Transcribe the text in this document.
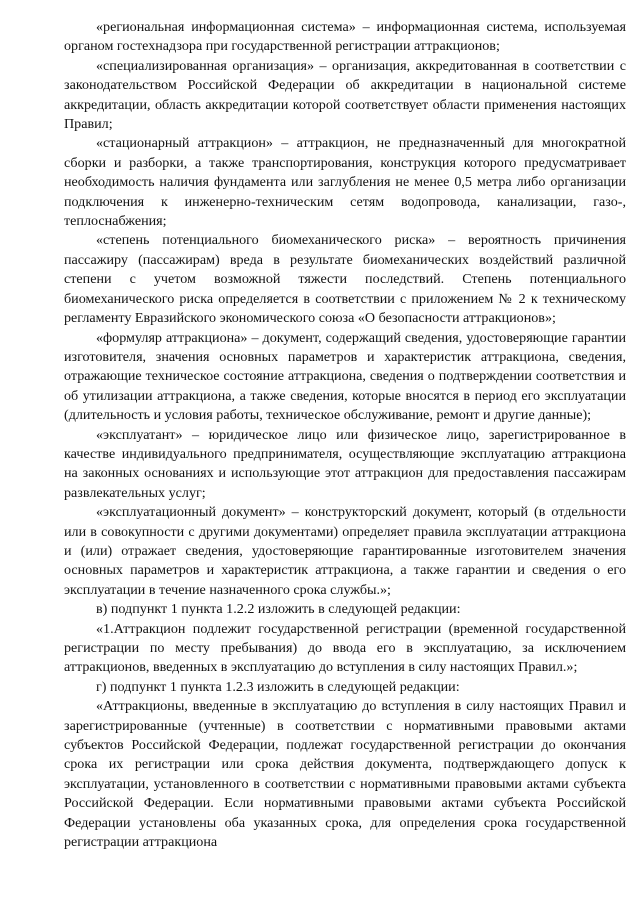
«региональная информационная система» – информационная система, используемая органом гостехнадзора при государственной регистрации аттракционов;

«специализированная организация» – организация, аккредитованная в соответствии с законодательством Российской Федерации об аккредитации в национальной системе аккредитации, область аккредитации которой соответствует области применения настоящих Правил;

«стационарный аттракцион» – аттракцион, не предназначенный для многократной сборки и разборки, а также транспортирования, конструкция которого предусматривает необходимость наличия фундамента или заглубления не менее 0,5 метра либо организации подключения к инженерно-техническим сетям водопровода, канализации, газо-, теплоснабжения;

«степень потенциального биомеханического риска» – вероятность причинения пассажиру (пассажирам) вреда в результате биомеханических воздействий различной степени с учетом возможной тяжести последствий. Степень потенциального биомеханического риска определяется в соответствии с приложением № 2 к техническому регламенту Евразийского экономического союза «О безопасности аттракционов»;

«формуляр аттракциона» – документ, содержащий сведения, удостоверяющие гарантии изготовителя, значения основных параметров и характеристик аттракциона, сведения, отражающие техническое состояние аттракциона, сведения о подтверждении соответствия и об утилизации аттракциона, а также сведения, которые вносятся в период его эксплуатации (длительность и условия работы, техническое обслуживание, ремонт и другие данные);

«эксплуатант» – юридическое лицо или физическое лицо, зарегистрированное в качестве индивидуального предпринимателя, осуществляющие эксплуатацию аттракциона на законных основаниях и использующие этот аттракцион для предоставления пассажирам развлекательных услуг;

«эксплуатационный документ» – конструкторский документ, который (в отдельности или в совокупности с другими документами) определяет правила эксплуатации аттракциона и (или) отражает сведения, удостоверяющие гарантированные изготовителем значения основных параметров и характеристик аттракциона, а также гарантии и сведения о его эксплуатации в течение назначенного срока службы.»;

в) подпункт 1 пункта 1.2.2 изложить в следующей редакции:

«1.Аттракцион подлежит государственной регистрации (временной государственной регистрации по месту пребывания) до ввода его в эксплуатацию, за исключением аттракционов, введенных в эксплуатацию до вступления в силу настоящих Правил.»;

г) подпункт 1 пункта 1.2.3 изложить в следующей редакции:

«Аттракционы, введенные в эксплуатацию до вступления в силу настоящих Правил и зарегистрированные (учтенные) в соответствии с нормативными правовыми актами субъектов Российской Федерации, подлежат государственной регистрации до окончания срока их регистрации или срока действия документа, подтверждающего допуск к эксплуатации, установленного в соответствии с нормативными правовыми актами субъекта Российской Федерации. Если нормативными правовыми актами субъекта Российской Федерации установлены оба указанных срока, для определения срока государственной регистрации аттракциона
